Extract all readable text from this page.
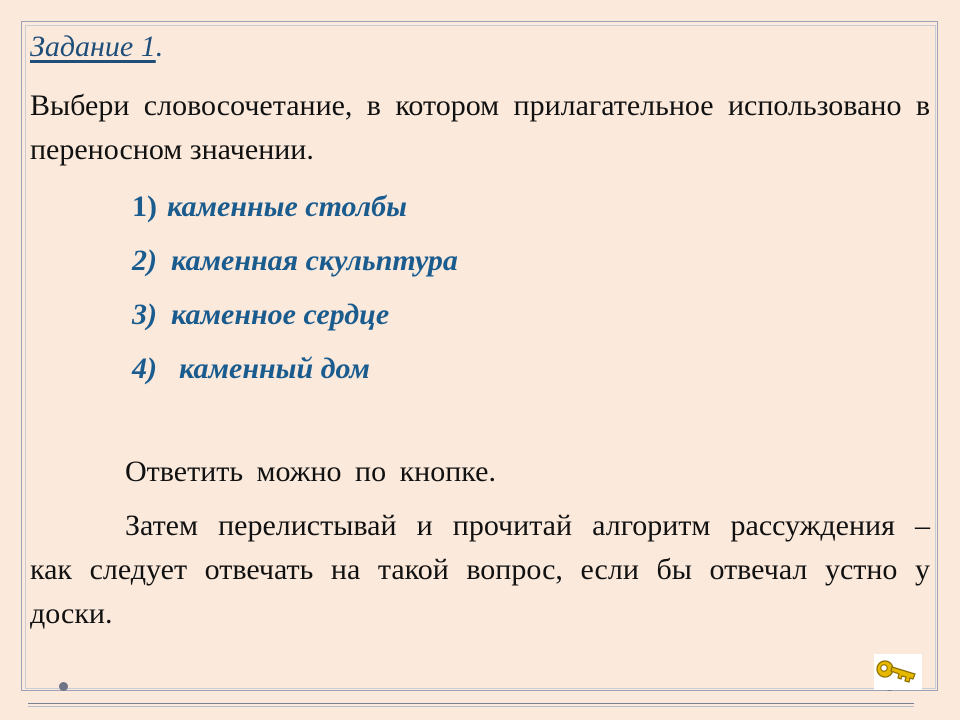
Задание 1.
Выбери словосочетание, в котором прилагательное использовано в переносном значении.
1) каменные столбы
2) каменная скульптура
3) каменное сердце
4) каменный дом
Ответить можно по кнопке.
Затем перелистывай и прочитай алгоритм рассуждения – как следует отвечать на такой вопрос, если бы отвечал устно у доски.
